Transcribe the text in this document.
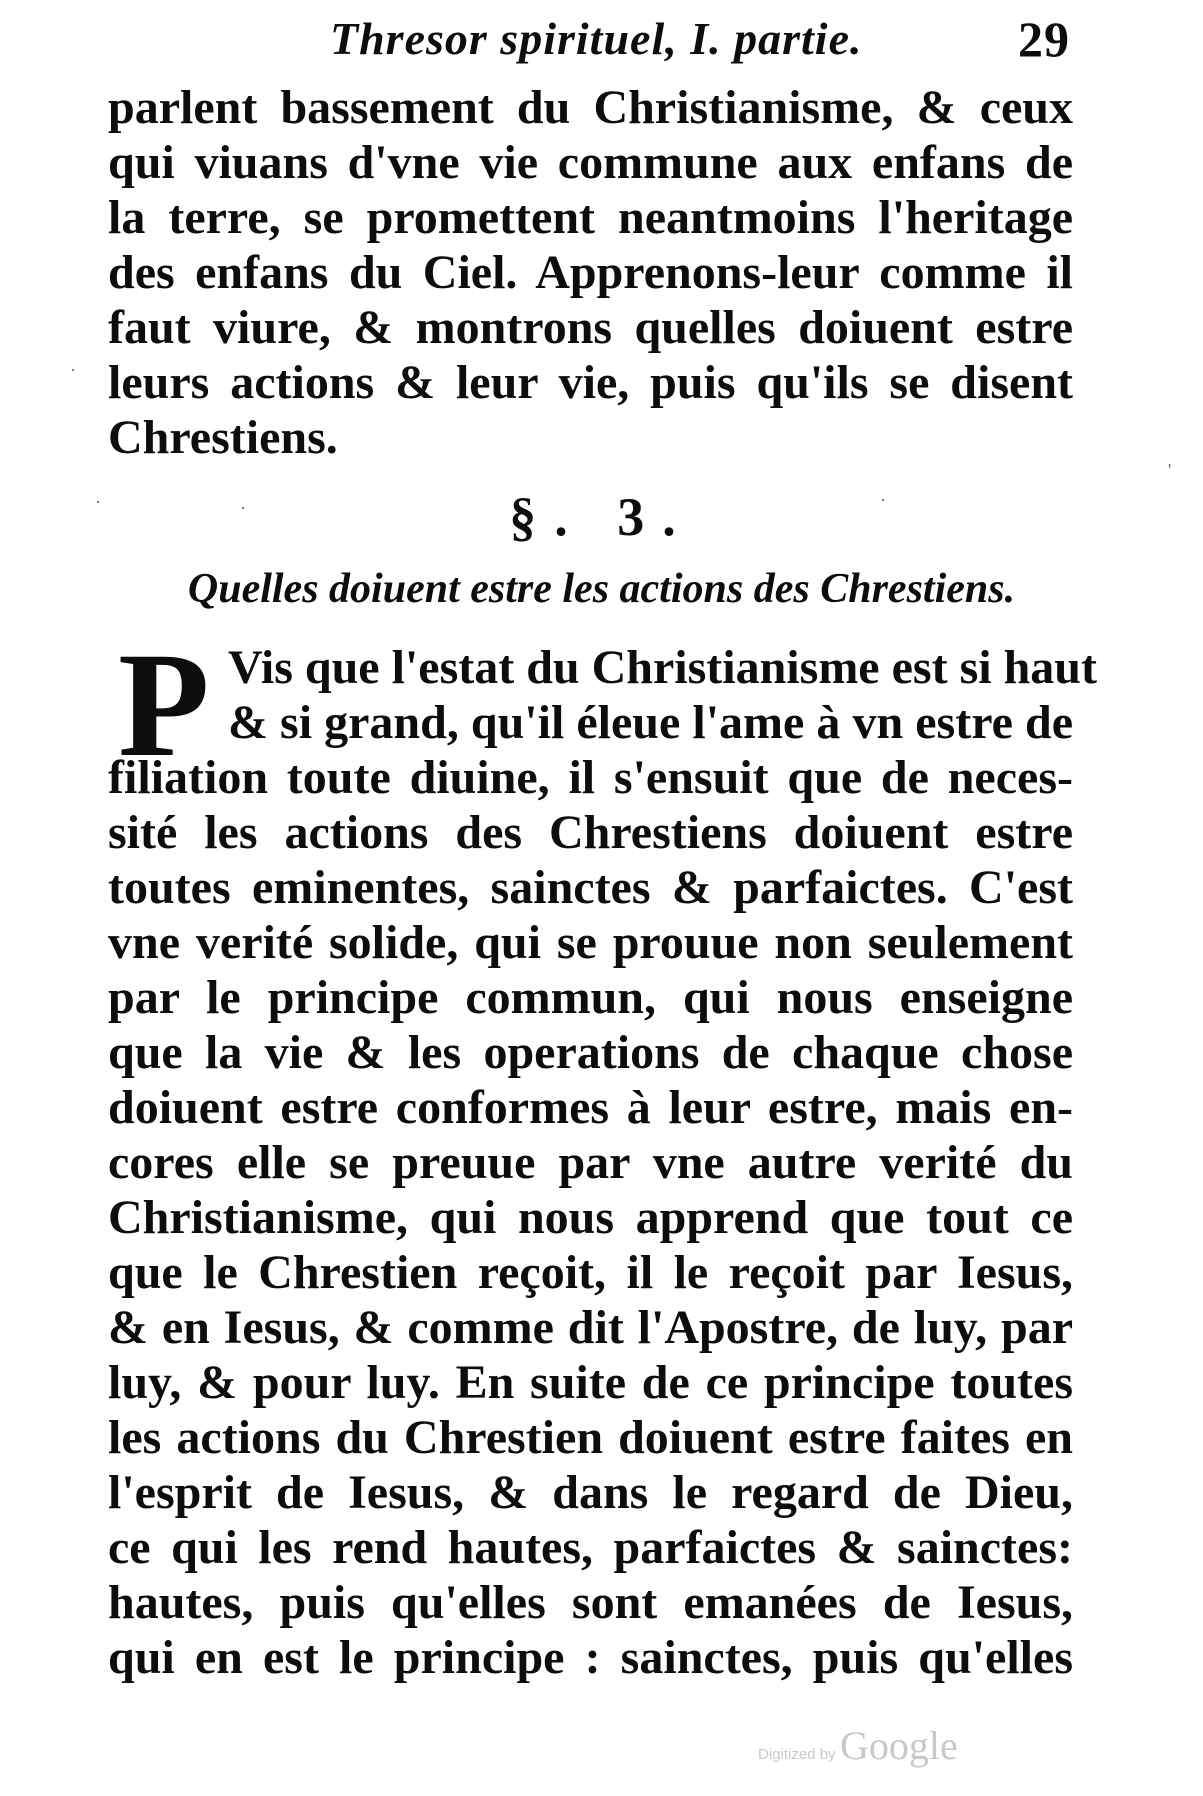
Thresor spirituel, I. partie.	29
parlent bassement du Christianisme, & ceux
qui viuans d'vne vie commune aux enfans de
la terre, se promettent neantmoins l'heritage
des enfans du Ciel. Apprenons-leur comme il
faut viure, & montrons quelles doiuent estre
leurs actions & leur vie, puis qu'ils se disent
Chrestiens.
§. 3.
Quelles doiuent estre les actions des Chrestiens.
P Vis que l'estat du Christianisme est si haut
& si grand, qu'il éleue l'ame à vn estre de
filiation toute diuine, il s'ensuit que de neces-
sité les actions des Chrestiens doiuent estre
toutes eminentes, sainctes & parfaictes. C'est
vne verité solide, qui se prouue non seulement
par le principe commun, qui nous enseigne
que la vie & les operations de chaque chose
doiuent estre conformes à leur estre, mais en-
cores elle se preuue par vne autre verité du
Christianisme, qui nous apprend que tout ce
que le Chrestien reçoit, il le reçoit par Iesus,
& en Iesus, & comme dit l'Apostre, de luy, par
luy, & pour luy. En suite de ce principe toutes
les actions du Chrestien doiuent estre faites en
l'esprit de Iesus, & dans le regard de Dieu,
ce qui les rend hautes, parfaictes & sainctes:
hautes, puis qu'elles sont emanées de Iesus,
qui en est le principe : sainctes, puis qu'elles
Digitized by Google
·	·	·
'
·
